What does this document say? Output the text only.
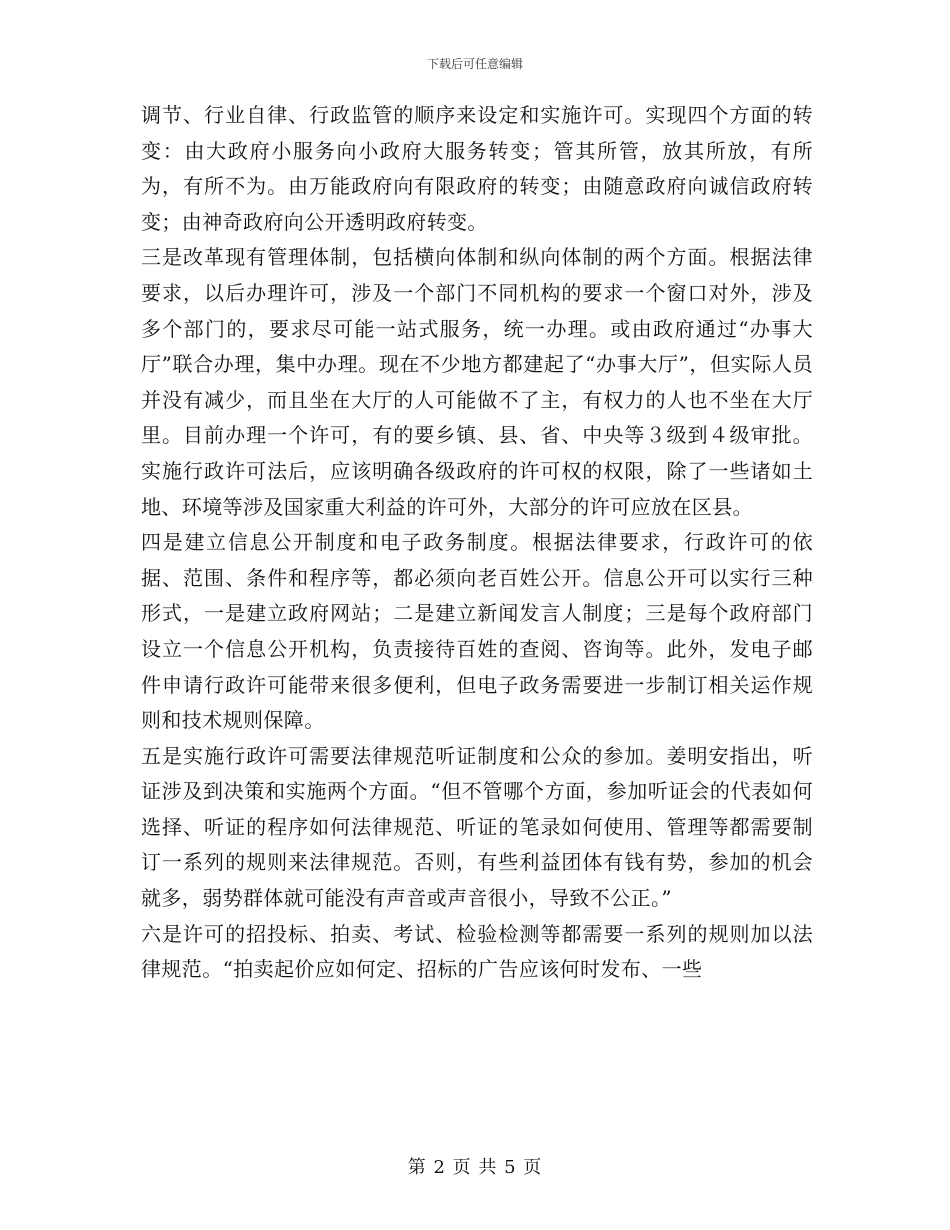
下载后可任意编辑

调节、行业自律、行政监管的顺序来设定和实施许可。实现四个方面的转变：由大政府小服务向小政府大服务转变；管其所管，放其所放，有所为，有所不为。由万能政府向有限政府的转变；由随意政府向诚信政府转变；由神奇政府向公开透明政府转变。

三是改革现有管理体制，包括横向体制和纵向体制的两个方面。根据法律要求，以后办理许可，涉及一个部门不同机构的要求一个窗口对外，涉及多个部门的，要求尽可能一站式服务，统一办理。或由政府通过“办事大厅”联合办理，集中办理。现在不少地方都建起了“办事大厅”，但实际人员并没有减少，而且坐在大厅的人可能做不了主，有权力的人也不坐在大厅里。目前办理一个许可，有的要乡镇、县、省、中央等３级到４级审批。实施行政许可法后，应该明确各级政府的许可权的权限，除了一些诸如土地、环境等涉及国家重大利益的许可外，大部分的许可应放在区县。

四是建立信息公开制度和电子政务制度。根据法律要求，行政许可的依据、范围、条件和程序等，都必须向老百姓公开。信息公开可以实行三种形式，一是建立政府网站；二是建立新闻发言人制度；三是每个政府部门设立一个信息公开机构，负责接待百姓的查阅、咨询等。此外，发电子邮件申请行政许可能带来很多便利，但电子政务需要进一步制订相关运作规则和技术规则保障。

五是实施行政许可需要法律规范听证制度和公众的参加。姜明安指出，听证涉及到决策和实施两个方面。“但不管哪个方面，参加听证会的代表如何选择、听证的程序如何法律规范、听证的笔录如何使用、管理等都需要制订一系列的规则来法律规范。否则，有些利益团体有钱有势，参加的机会就多，弱势群体就可能没有声音或声音很小，导致不公正。”

六是许可的招投标、拍卖、考试、检验检测等都需要一系列的规则加以法律规范。“拍卖起价应如何定、招标的广告应该何时发布、一些

第 2 页 共 5 页
